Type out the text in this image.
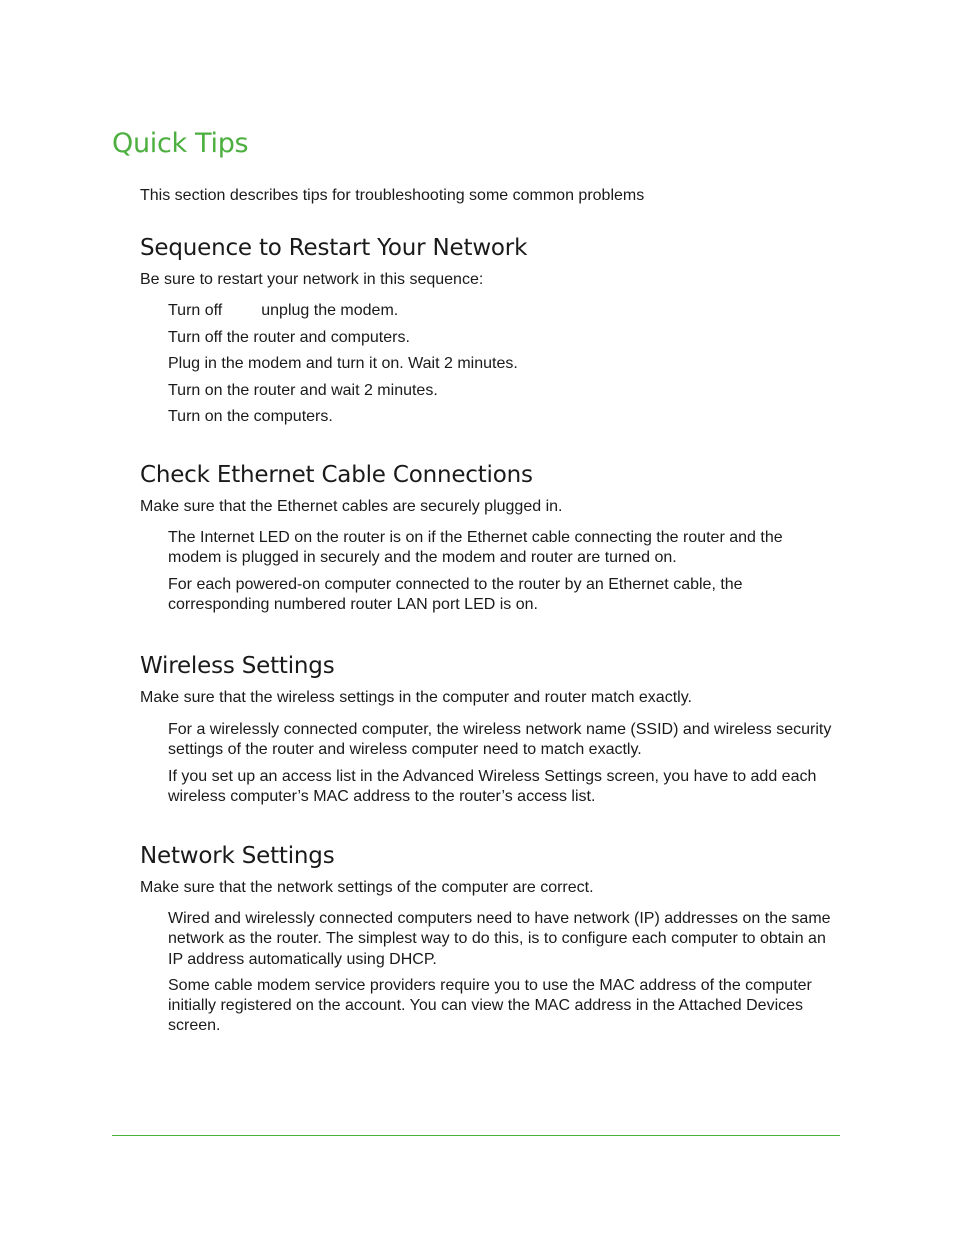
Quick Tips

This section describes tips for troubleshooting some common problems

Sequence to Restart Your Network

Be sure to restart your network in this sequence:

Turn off unplug the modem.
Turn off the router and computers.
Plug in the modem and turn it on. Wait 2 minutes.
Turn on the router and wait 2 minutes.
Turn on the computers.
Check Ethernet Cable Connections

Make sure that the Ethernet cables are securely plugged in.

The Internet LED on the router is on if the Ethernet cable connecting the router and the modem is plugged in securely and the modem and router are turned on.
For each powered-on computer connected to the router by an Ethernet cable, the corresponding numbered router LAN port LED is on.
Wireless Settings

Make sure that the wireless settings in the computer and router match exactly.

For a wirelessly connected computer, the wireless network name (SSID) and wireless security settings of the router and wireless computer need to match exactly.
If you set up an access list in the Advanced Wireless Settings screen, you have to add each wireless computer’s MAC address to the router’s access list.
Network Settings

Make sure that the network settings of the computer are correct.

Wired and wirelessly connected computers need to have network (IP) addresses on the same network as the router. The simplest way to do this, is to configure each computer to obtain an IP address automatically using DHCP.
Some cable modem service providers require you to use the MAC address of the computer initially registered on the account. You can view the MAC address in the Attached Devices screen.
